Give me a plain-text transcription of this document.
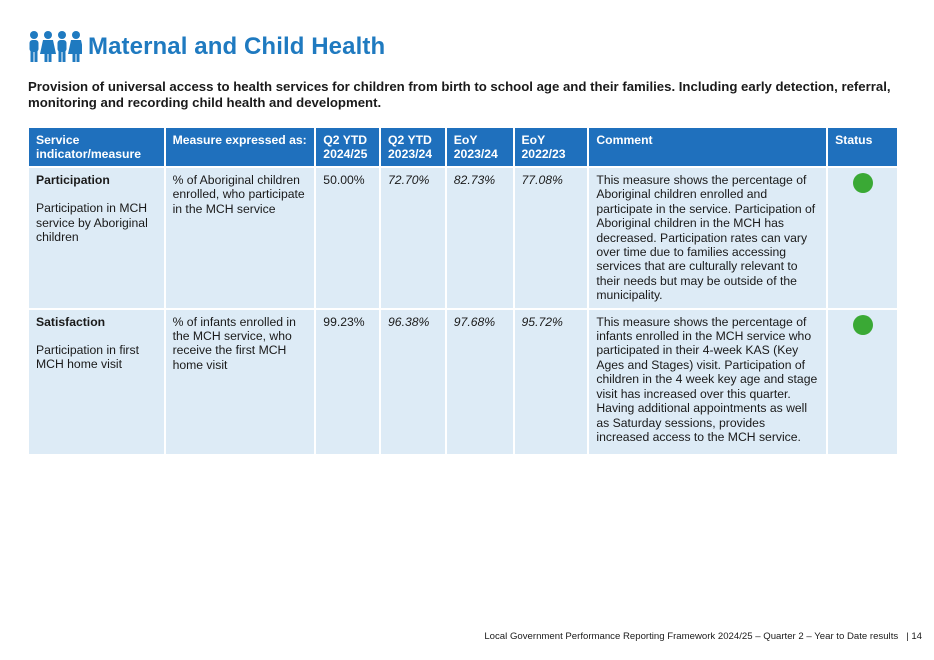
Maternal and Child Health
Provision of universal access to health services for children from birth to school age and their families. Including early detection, referral, monitoring and recording child health and development.
Service indicator/measure	Measure expressed as:	Q2 YTD 2024/25	Q2 YTD 2023/24	EoY 2023/24	EoY 2022/23	Comment	Status

Participation
Participation in MCH service by Aboriginal children	% of Aboriginal children enrolled, who participate in the MCH service	50.00%	72.70%	82.73%	77.08%	This measure shows the percentage of Aboriginal children enrolled and participate in the service. Participation of Aboriginal children in the MCH has decreased. Participation rates can vary over time due to families accessing services that are culturally relevant to their needs but may be outside of the municipality.	

Satisfaction
Participation in first MCH home visit	% of infants enrolled in the MCH service, who receive the first MCH home visit	99.23%	96.38%	97.68%	95.72%	This measure shows the percentage of infants enrolled in the MCH service who participated in their 4-week KAS (Key Ages and Stages) visit. Participation of children in the 4 week key age and stage visit has increased over this quarter. Having additional appointments as well as Saturday sessions, provides increased access to the MCH service.	
Local Government Performance Reporting Framework 2024/25 – Quarter 2 – Year to Date results | 14
